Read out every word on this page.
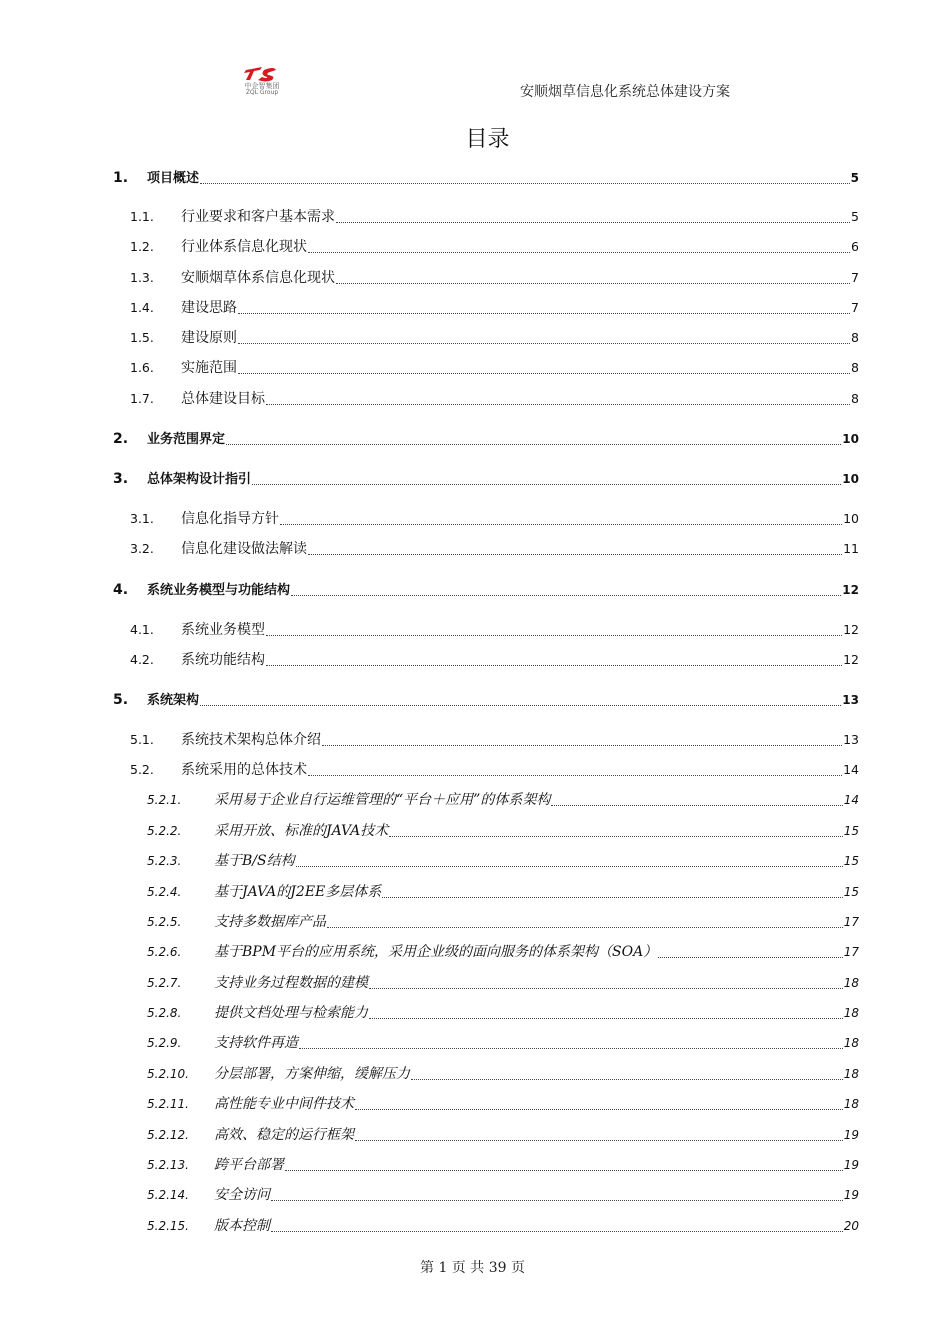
中企智集团
ZQL Group	安顺烟草信息化系统总体建设方案
目录
1.	项目概述	5
1.1.	行业要求和客户基本需求	5
1.2.	行业体系信息化现状	6
1.3.	安顺烟草体系信息化现状	7
1.4.	建设思路	7
1.5.	建设原则	8
1.6.	实施范围	8
1.7.	总体建设目标	8
2.	业务范围界定	10
3.	总体架构设计指引	10
3.1.	信息化指导方针	10
3.2.	信息化建设做法解读	11
4.	系统业务模型与功能结构	12
4.1.	系统业务模型	12
4.2.	系统功能结构	12
5.	系统架构	13
5.1.	系统技术架构总体介绍	13
5.2.	系统采用的总体技术	14
5.2.1.	采用易于企业自行运维管理的“平台＋应用”的体系架构	14
5.2.2.	采用开放、标准的JAVA技术	15
5.2.3.	基于B/S结构	15
5.2.4.	基于JAVA的J2EE多层体系	15
5.2.5.	支持多数据库产品	17
5.2.6.	基于BPM平台的应用系统，采用企业级的面向服务的体系架构（SOA）	17
5.2.7.	支持业务过程数据的建模	18
5.2.8.	提供文档处理与检索能力	18
5.2.9.	支持软件再造	18
5.2.10.	分层部署，方案伸缩，缓解压力	18
5.2.11.	高性能专业中间件技术	18
5.2.12.	高效、稳定的运行框架	19
5.2.13.	跨平台部署	19
5.2.14.	安全访问	19
5.2.15.	版本控制	20
第 1 页 共 39 页
